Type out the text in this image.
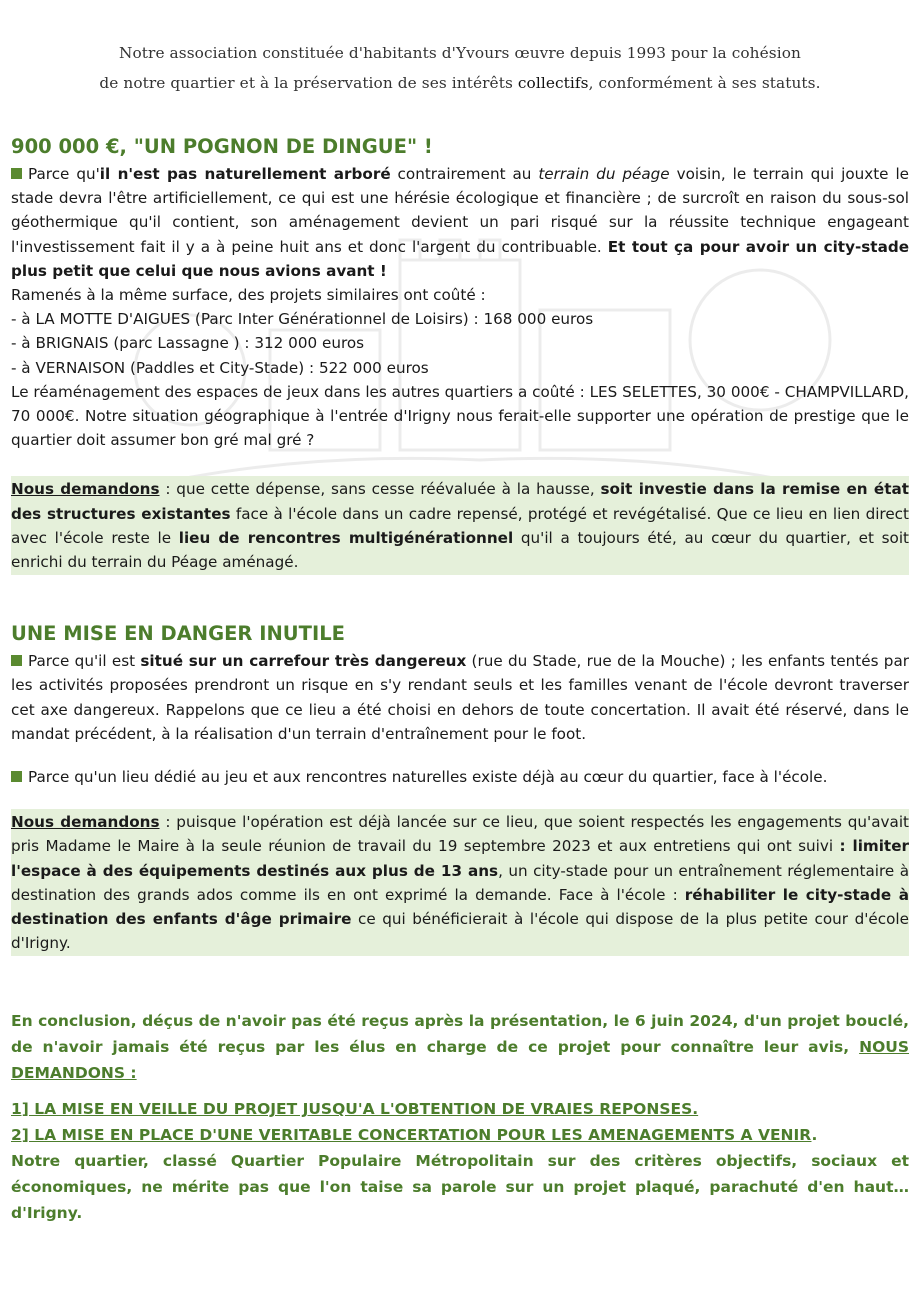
Notre association constituée d'habitants d'Yvours œuvre depuis 1993 pour la cohésion
de notre quartier et à la préservation de ses intérêts collectifs, conformément à ses statuts.
900 000 €, "UN POGNON DE DINGUE" !

Parce qu'il n'est pas naturellement arboré contrairement au terrain du péage voisin, le terrain qui jouxte le stade devra l'être artificiellement, ce qui est une hérésie écologique et financière ; de surcroît en raison du sous-sol géothermique qu'il contient, son aménagement devient un pari risqué sur la réussite technique engageant l'investissement fait il y a à peine huit ans et donc l'argent du contribuable. Et tout ça pour avoir un city-stade plus petit que celui que nous avions avant !

Ramenés à la même surface, des projets similaires ont coûté :

- à LA MOTTE D'AIGUES (Parc Inter Générationnel de Loisirs) : 168 000 euros

- à BRIGNAIS (parc Lassagne ) : 312 000 euros

- à VERNAISON (Paddles et City-Stade) : 522 000 euros

Le réaménagement des espaces de jeux dans les autres quartiers a coûté : LES SELETTES, 30 000€ - CHAMPVILLARD, 70 000€. Notre situation géographique à l'entrée d'Irigny nous ferait-elle supporter une opération de prestige que le quartier doit assumer bon gré mal gré ?

Nous demandons : que cette dépense, sans cesse réévaluée à la hausse, soit investie dans la remise en état des structures existantes face à l'école dans un cadre repensé, protégé et revégétalisé. Que ce lieu en lien direct avec l'école reste le lieu de rencontres multigénérationnel qu'il a toujours été, au cœur du quartier, et soit enrichi du terrain du Péage aménagé.

UNE MISE EN DANGER INUTILE

Parce qu'il est situé sur un carrefour très dangereux (rue du Stade, rue de la Mouche) ; les enfants tentés par les activités proposées prendront un risque en s'y rendant seuls et les familles venant de l'école devront traverser cet axe dangereux. Rappelons que ce lieu a été choisi en dehors de toute concertation. Il avait été réservé, dans le mandat précédent, à la réalisation d'un terrain d'entraînement pour le foot.

Parce qu'un lieu dédié au jeu et aux rencontres naturelles existe déjà au cœur du quartier, face à l'école.

Nous demandons : puisque l'opération est déjà lancée sur ce lieu, que soient respectés les engagements qu'avait pris Madame le Maire à la seule réunion de travail du 19 septembre 2023 et aux entretiens qui ont suivi : limiter l'espace à des équipements destinés aux plus de 13 ans, un city-stade pour un entraînement réglementaire à destination des grands ados comme ils en ont exprimé la demande. Face à l'école : réhabiliter le city-stade à destination des enfants d'âge primaire ce qui bénéficierait à l'école qui dispose de la plus petite cour d'école d'Irigny.

En conclusion, déçus de n'avoir pas été reçus après la présentation, le 6 juin 2024, d'un projet bouclé, de n'avoir jamais été reçus par les élus en charge de ce projet pour connaître leur avis, NOUS DEMANDONS :

1] LA MISE EN VEILLE DU PROJET JUSQU'A L'OBTENTION DE VRAIES REPONSES.

2] LA MISE EN PLACE D'UNE VERITABLE CONCERTATION POUR LES AMENAGEMENTS A VENIR.

Notre quartier, classé Quartier Populaire Métropolitain sur des critères objectifs, sociaux et économiques, ne mérite pas que l'on taise sa parole sur un projet plaqué, parachuté d'en haut… d'Irigny.
